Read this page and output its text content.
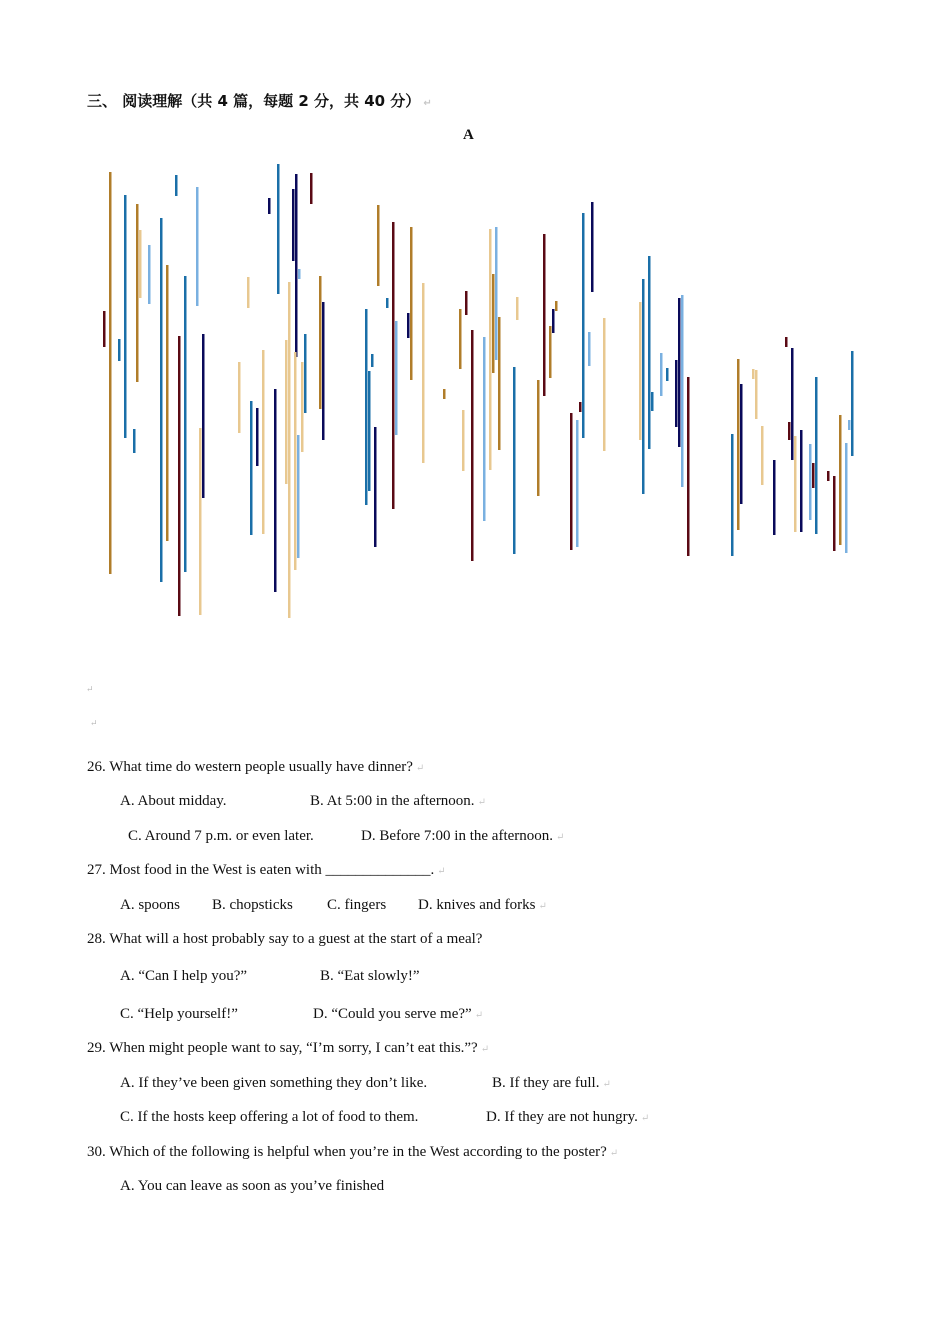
三、 阅读理解（共 4 篇，每题 2 分，共 40 分） ↵
A
↵
↵
26. What time do western people usually have dinner? ↵
A. About midday.	B. At 5:00 in the afternoon. ↵
C. Around 7 p.m. or even later.	D. Before 7:00 in the afternoon. ↵
27. Most food in the West is eaten with ______________. ↵
A. spoons B. chopsticks C. fingers D. knives and forks ↵
28. What will a host probably say to a guest at the start of a meal?
A. “Can I help you?”	B. “Eat slowly!”
C. “Help yourself!”	D. “Could you serve me?” ↵
29. When might people want to say, “I’m sorry, I can’t eat this.”? ↵
A. If they’ve been given something they don’t like.	B. If they are full. ↵
C. If the hosts keep offering a lot of food to them.	D. If they are not hungry. ↵
30. Which of the following is helpful when you’re in the West according to the poster? ↵
A. You can leave as soon as you’ve finished
